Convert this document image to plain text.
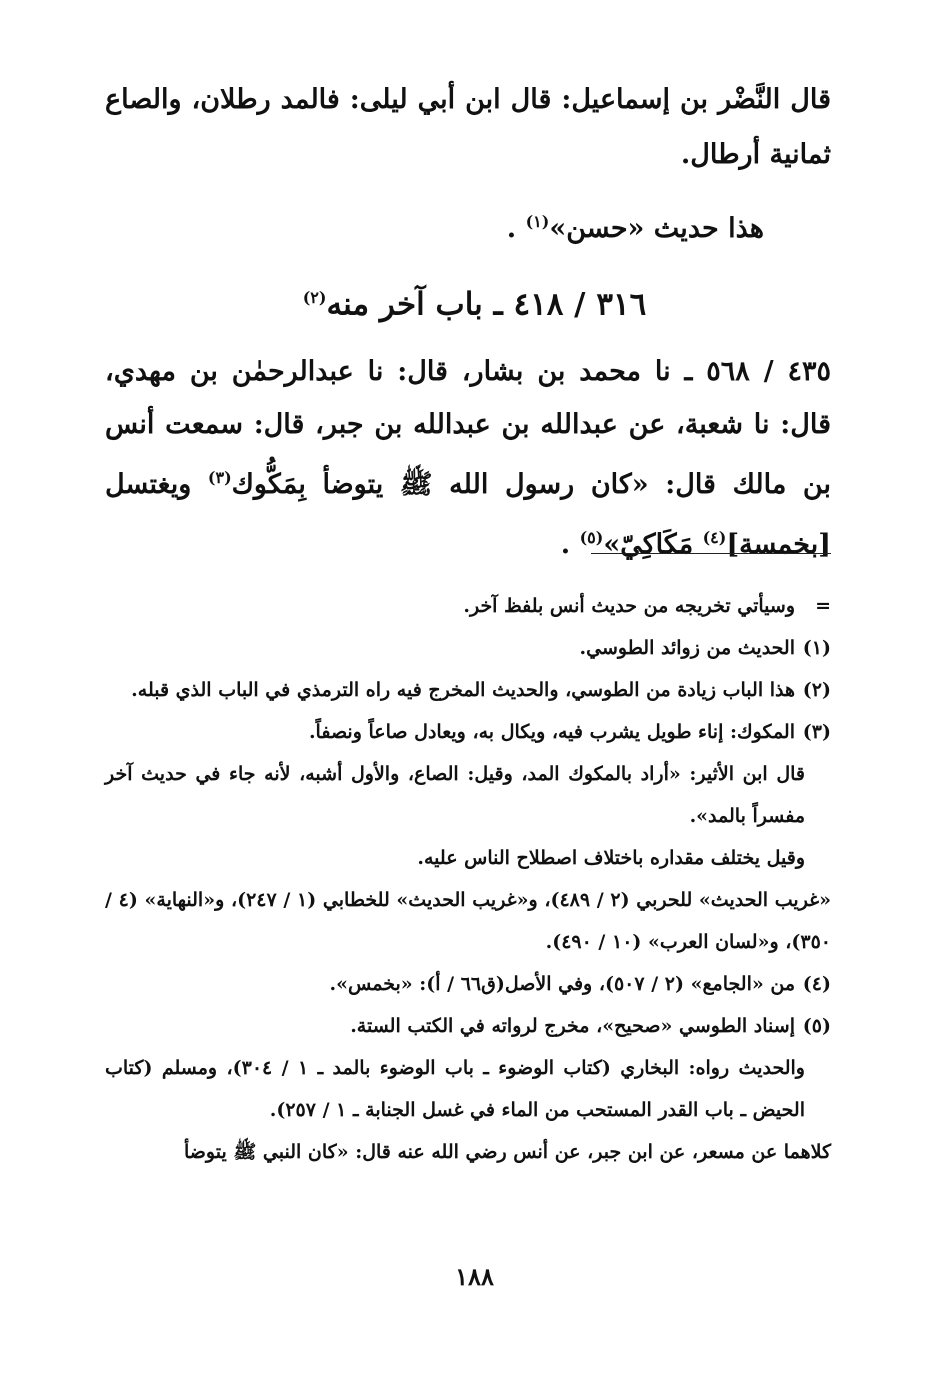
قال النَّضْر بن إسماعيل: قال ابن أبي ليلى: فالمد رطلان، والصاع ثمانية أرطال.
هذا حديث «حسن»$^{(١)}$ .
٣١٦ / ٤١٨ ـ باب آخر منه$^{(٢)}$
٤٣٥ / ٥٦٨ ـ نا محمد بن بشار، قال: نا عبدالرحمٰن بن مهدي، قال: نا شعبة، عن عبدالله بن عبدالله بن جبر، قال: سمعت أنس بن مالك قال: «كان رسول الله ﷺ يتوضأ بِمَكُّوك$^{(٣)}$ ويغتسل [بخمسة]$^{(٤)}$ مَكَاكِيّ»$^{(٥)}$ .
=
وسيأتي تخريجه من حديث أنس بلفظ آخر.
(١)
الحديث من زوائد الطوسي.
(٢)
هذا الباب زيادة من الطوسي، والحديث المخرج فيه راه الترمذي في الباب الذي قبله.
(٣)
المكوك: إناء طويل يشرب فيه، ويكال به، ويعادل صاعاً ونصفاً.
قال ابن الأثير: «أراد بالمكوك المد، وقيل: الصاع، والأول أشبه، لأنه جاء في حديث آخر مفسراً بالمد».
وقيل يختلف مقداره باختلاف اصطلاح الناس عليه.
«غريب الحديث» للحربي (٢ / ٤٨٩)، و«غريب الحديث» للخطابي (١ / ٢٤٧)، و«النهاية» (٤ / ٣٥٠)، و«لسان العرب» (١٠ / ٤٩٠).
(٤)
من «الجامع» (٢ / ٥٠٧)، وفي الأصل(ق٦٦ / أ): «بخمس».
(٥)
إسناد الطوسي «صحيح»، مخرج لرواته في الكتب الستة.
والحديث رواه: البخاري (كتاب الوضوء ـ باب الوضوء بالمد ـ ١ / ٣٠٤)، ومسلم (كتاب الحيض ـ باب القدر المستحب من الماء في غسل الجنابة ـ ١ / ٢٥٧).
كلاهما عن مسعر، عن ابن جبر، عن أنس رضي الله عنه قال: «كان النبي ﷺ يتوضأ
١٨٨
